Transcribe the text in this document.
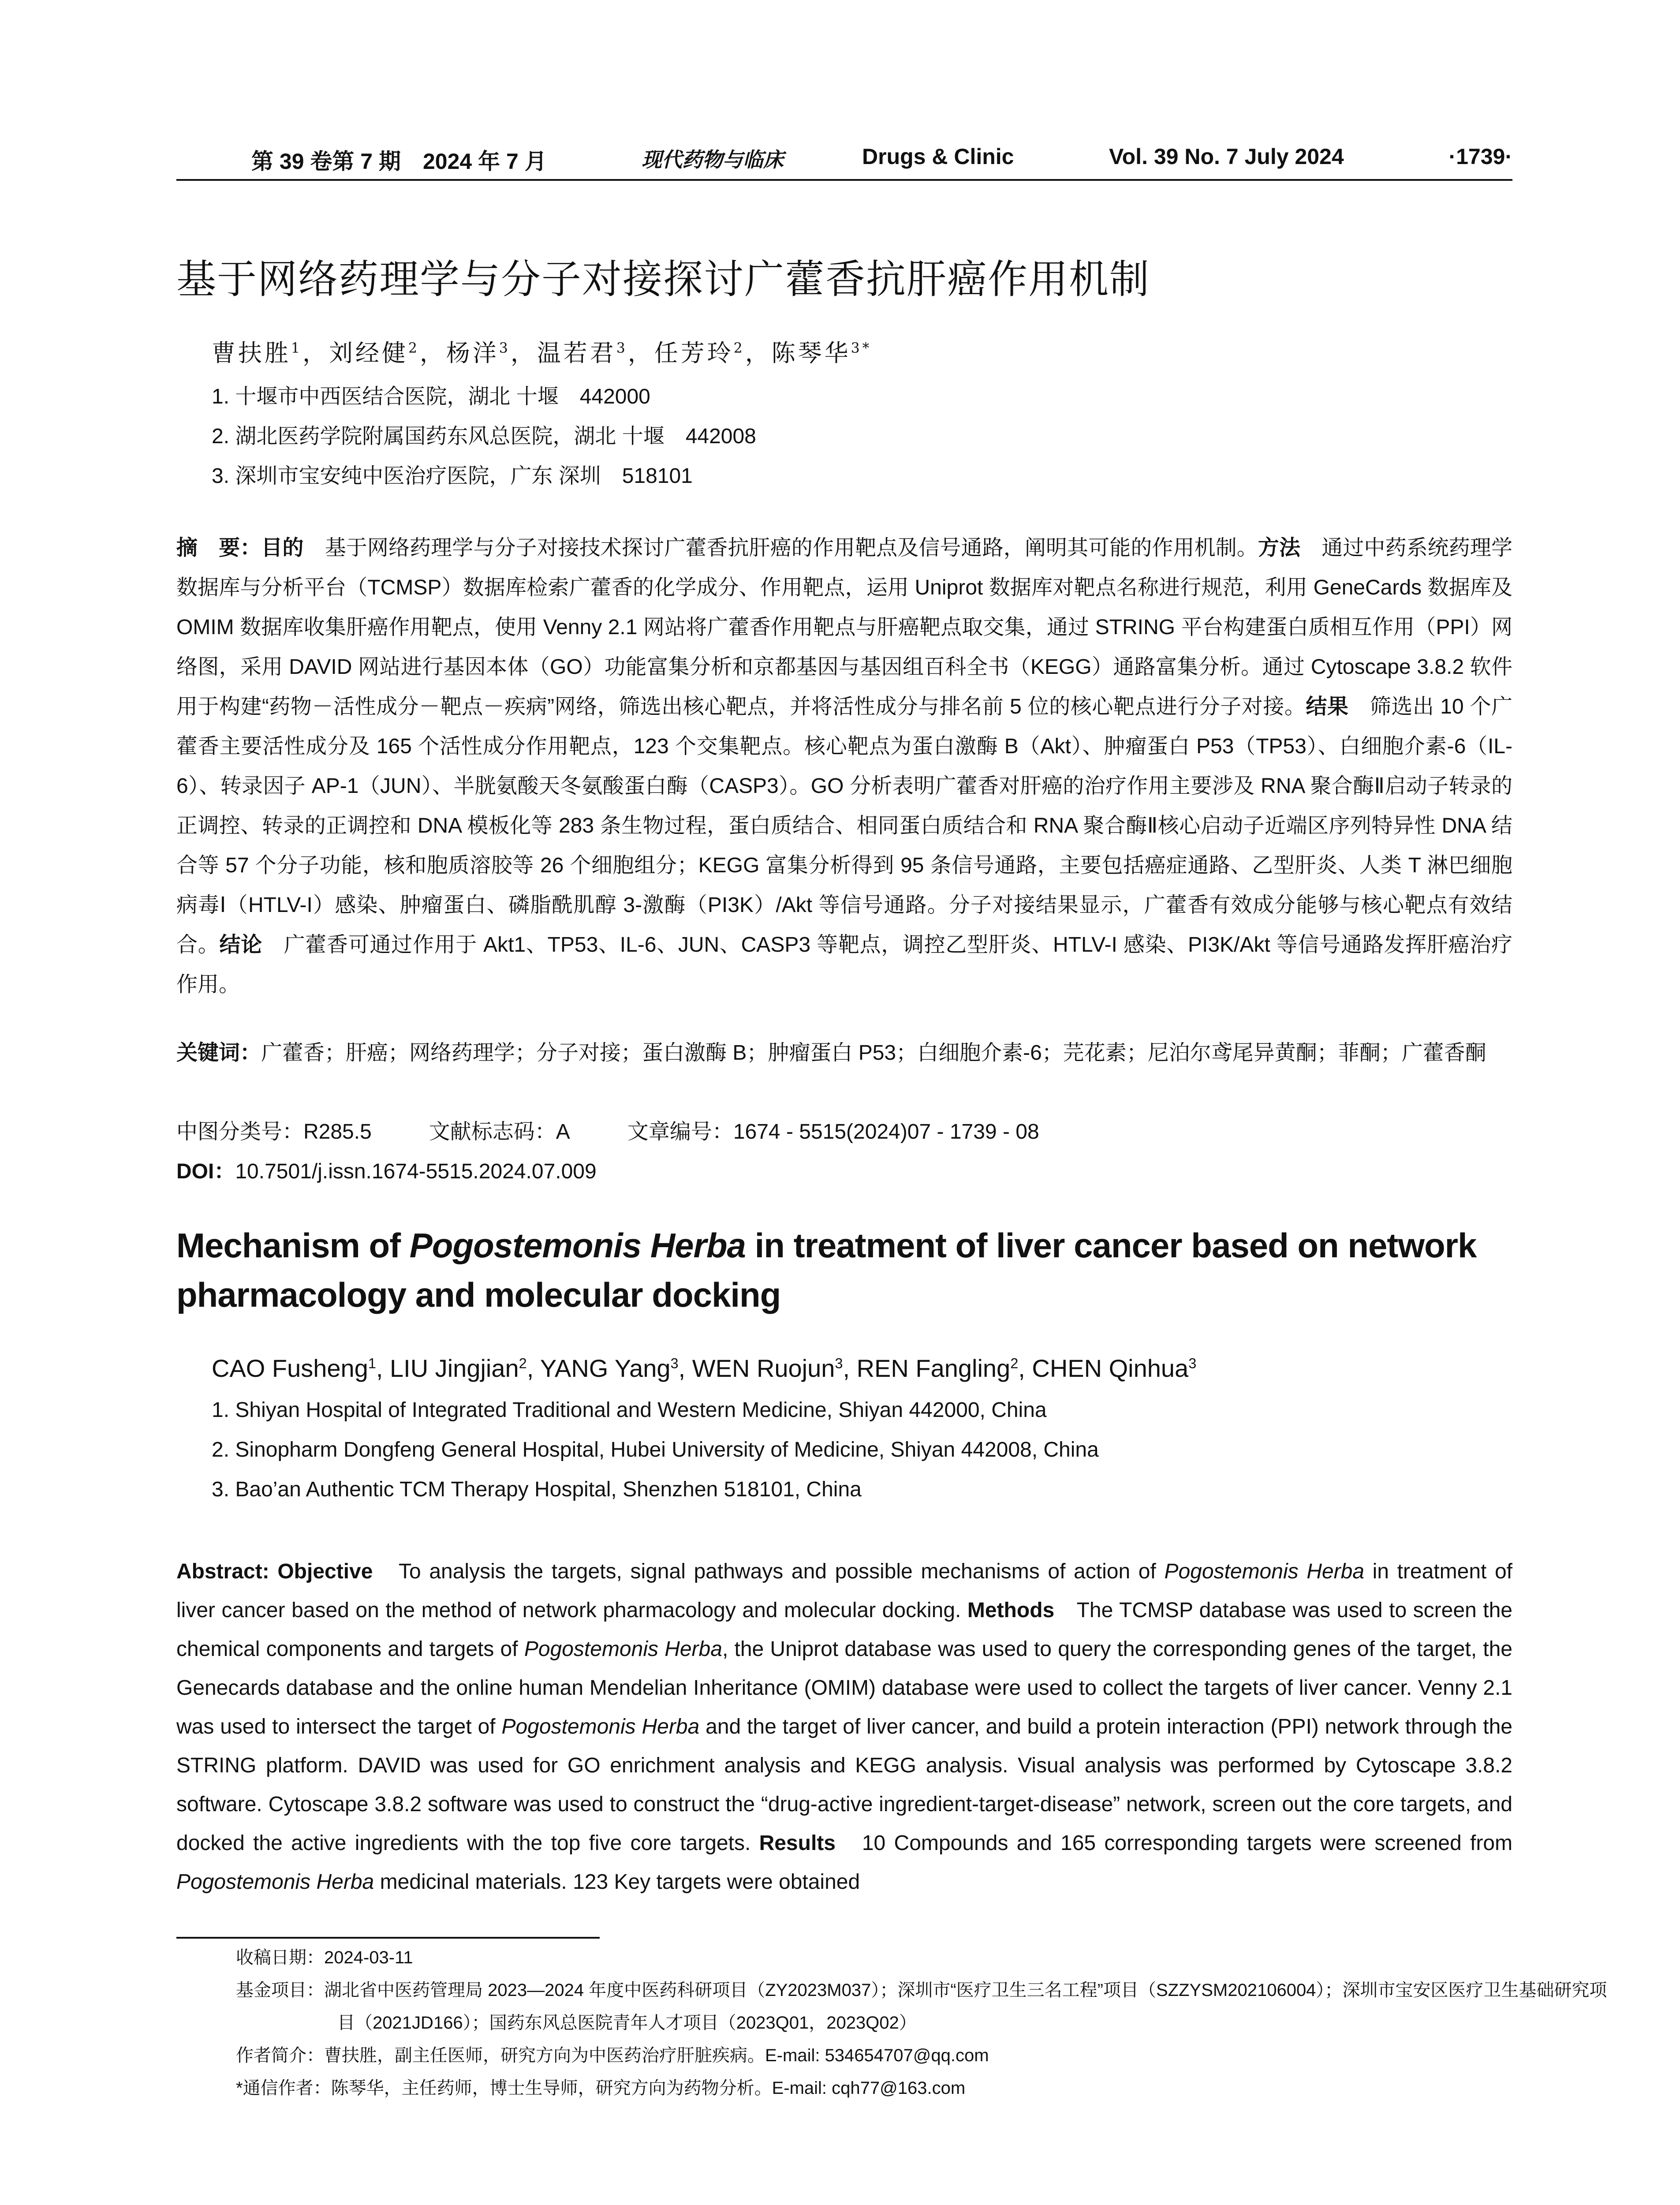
第 39 卷第 7 期　2024 年 7 月	现代药物与临床	Drugs & Clinic	Vol. 39 No. 7 July 2024	·1739·
基于网络药理学与分子对接探讨广藿香抗肝癌作用机制
曹扶胜$^1$，刘经健$^2$，杨洋$^3$，温若君$^3$，任芳玲$^2$，陈琴华$^{3*}$
1. 十堰市中西医结合医院，湖北 十堰　442000
2. 湖北医药学院附属国药东风总医院，湖北 十堰　442008
3. 深圳市宝安纯中医治疗医院，广东 深圳　518101

摘　要：目的　基于网络药理学与分子对接技术探讨广藿香抗肝癌的作用靶点及信号通路，阐明其可能的作用机制。方法　通过中药系统药理学数据库与分析平台（TCMSP）数据库检索广藿香的化学成分、作用靶点，运用 Uniprot 数据库对靶点名称进行规范，利用 GeneCards 数据库及 OMIM 数据库收集肝癌作用靶点，使用 Venny 2.1 网站将广藿香作用靶点与肝癌靶点取交集，通过 STRING 平台构建蛋白质相互作用（PPI）网络图，采用 DAVID 网站进行基因本体（GO）功能富集分析和京都基因与基因组百科全书（KEGG）通路富集分析。通过 Cytoscape 3.8.2 软件用于构建“药物－活性成分－靶点－疾病”网络，筛选出核心靶点，并将活性成分与排名前 5 位的核心靶点进行分子对接。结果　筛选出 10 个广藿香主要活性成分及 165 个活性成分作用靶点，123 个交集靶点。核心靶点为蛋白激酶 B（Akt）、肿瘤蛋白 P53（TP53）、白细胞介素-6（IL-6）、转录因子 AP-1（JUN）、半胱氨酸天冬氨酸蛋白酶（CASP3）。GO 分析表明广藿香对肝癌的治疗作用主要涉及 RNA 聚合酶Ⅱ启动子转录的正调控、转录的正调控和 DNA 模板化等 283 条生物过程，蛋白质结合、相同蛋白质结合和 RNA 聚合酶Ⅱ核心启动子近端区序列特异性 DNA 结合等 57 个分子功能，核和胞质溶胶等 26 个细胞组分；KEGG 富集分析得到 95 条信号通路，主要包括癌症通路、乙型肝炎、人类 T 淋巴细胞病毒Ⅰ（HTLV-I）感染、肿瘤蛋白、磷脂酰肌醇 3-激酶（PI3K）/Akt 等信号通路。分子对接结果显示，广藿香有效成分能够与核心靶点有效结合。结论　广藿香可通过作用于 Akt1、TP53、IL-6、JUN、CASP3 等靶点，调控乙型肝炎、HTLV-I 感染、PI3K/Akt 等信号通路发挥肝癌治疗作用。

关键词：广藿香；肝癌；网络药理学；分子对接；蛋白激酶 B；肿瘤蛋白 P53；白细胞介素-6；芫花素；尼泊尔鸢尾异黄酮；菲酮；广藿香酮

中图分类号：R285.5	文献标志码：A	文章编号：1674 - 5515(2024)07 - 1739 - 08
DOI：10.7501/j.issn.1674-5515.2024.07.009
Mechanism of Pogostemonis Herba in treatment of liver cancer based on network pharmacology and molecular docking
CAO Fusheng$^1$, LIU Jingjian$^2$, YANG Yang$^3$, WEN Ruojun$^3$, REN Fangling$^2$, CHEN Qinhua$^3$
1. Shiyan Hospital of Integrated Traditional and Western Medicine, Shiyan 442000, China
2. Sinopharm Dongfeng General Hospital, Hubei University of Medicine, Shiyan 442008, China
3. Bao’an Authentic TCM Therapy Hospital, Shenzhen 518101, China

Abstract: Objective　To analysis the targets, signal pathways and possible mechanisms of action of Pogostemonis Herba in treatment of liver cancer based on the method of network pharmacology and molecular docking. Methods　The TCMSP database was used to screen the chemical components and targets of Pogostemonis Herba, the Uniprot database was used to query the corresponding genes of the target, the Genecards database and the online human Mendelian Inheritance (OMIM) database were used to collect the targets of liver cancer. Venny 2.1 was used to intersect the target of Pogostemonis Herba and the target of liver cancer, and build a protein interaction (PPI) network through the STRING platform. DAVID was used for GO enrichment analysis and KEGG analysis. Visual analysis was performed by Cytoscape 3.8.2 software. Cytoscape 3.8.2 software was used to construct the “drug-active ingredient-target-disease” network, screen out the core targets, and docked the active ingredients with the top five core targets. Results　10 Compounds and 165 corresponding targets were screened from Pogostemonis Herba medicinal materials. 123 Key targets were obtained

收稿日期：2024-03-11

基金项目：湖北省中医药管理局 2023—2024 年度中医药科研项目（ZY2023M037）；深圳市“医疗卫生三名工程”项目（SZZYSM202106004）；深圳市宝安区医疗卫生基础研究项目（2021JD166）；国药东风总医院青年人才项目（2023Q01，2023Q02）

作者简介：曹扶胜，副主任医师，研究方向为中医药治疗肝脏疾病。E-mail: 534654707@qq.com

*通信作者：陈琴华，主任药师，博士生导师，研究方向为药物分析。E-mail: cqh77@163.com
